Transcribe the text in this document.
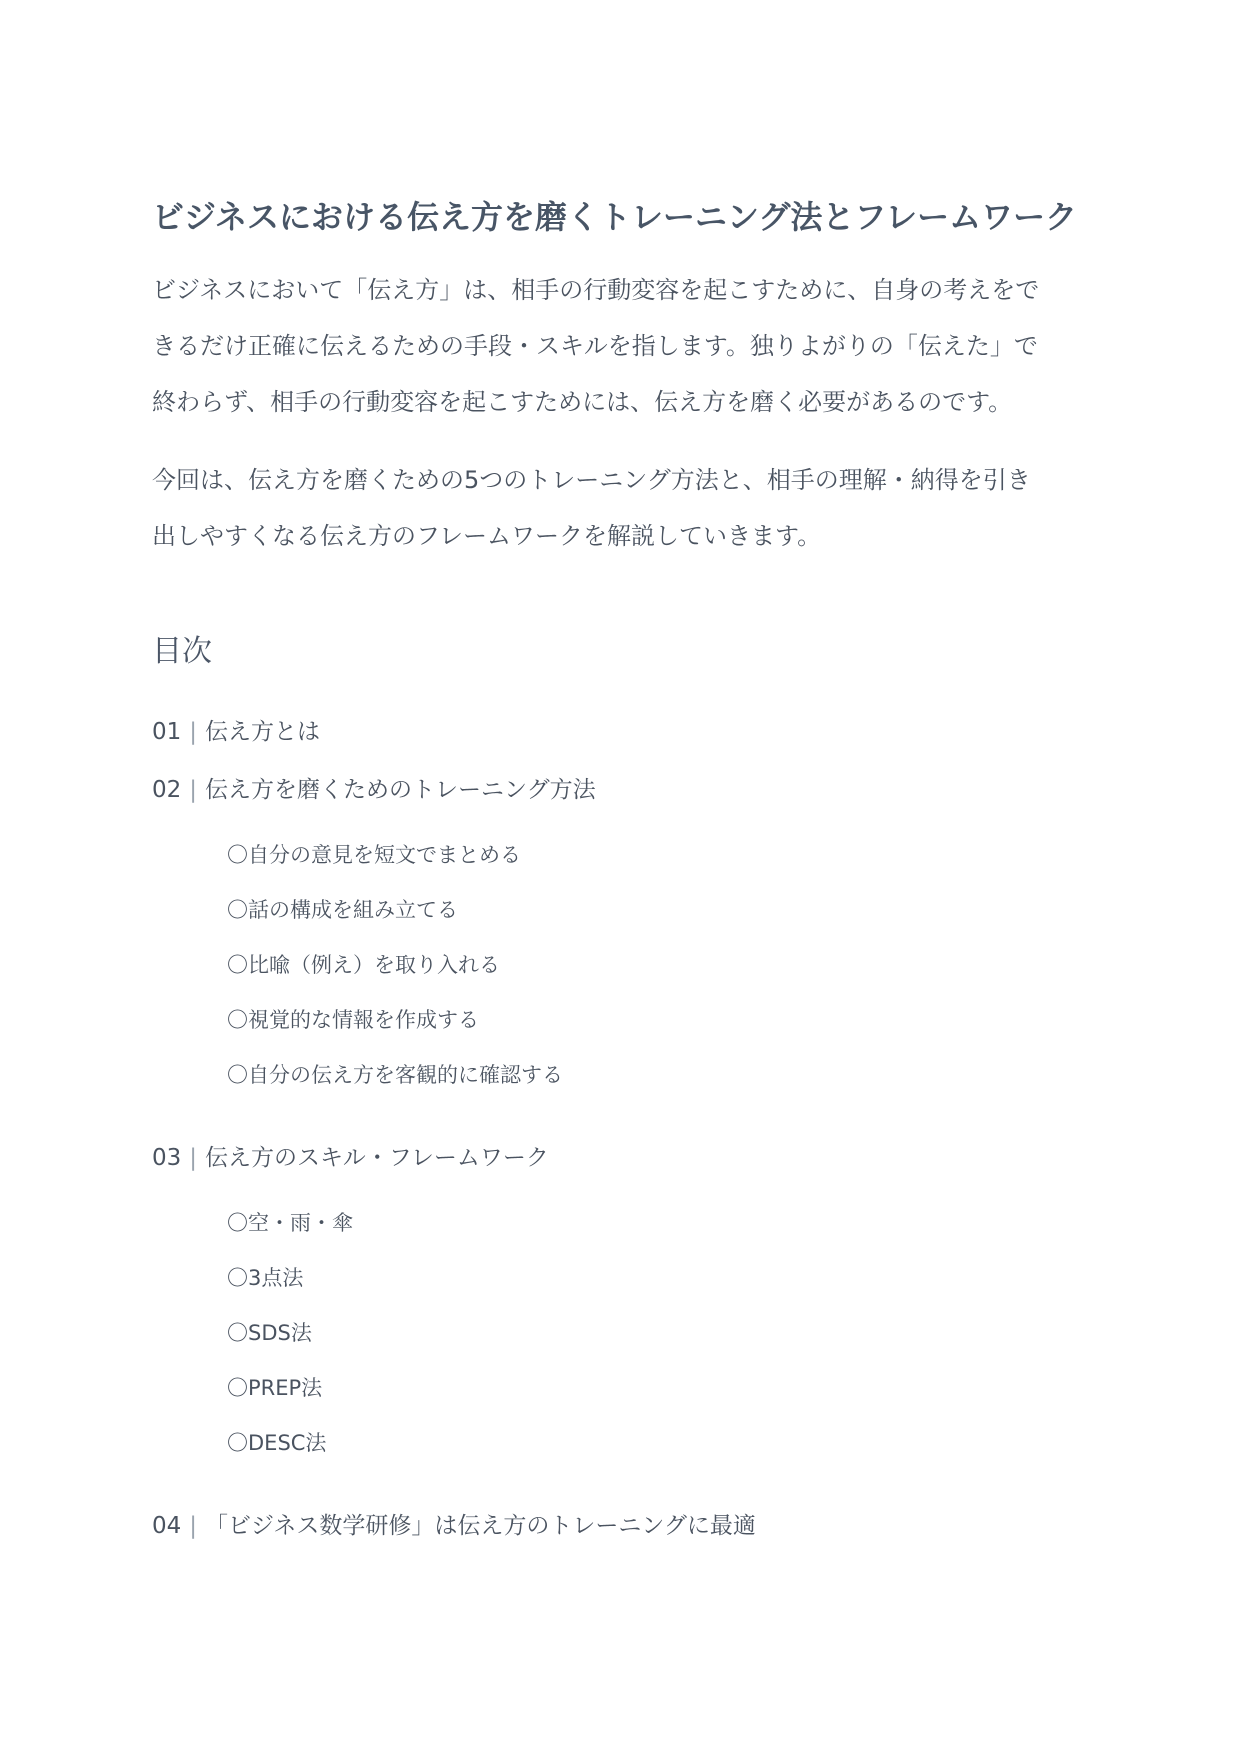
ビジネスにおける伝え方を磨くトレーニング法とフレームワーク

ビジネスにおいて「伝え方」は、相手の行動変容を起こすために、自身の考えをで
きるだけ正確に伝えるための手段・スキルを指します。独りよがりの「伝えた」で
終わらず、相手の行動変容を起こすためには、伝え方を磨く必要があるのです。

今回は、伝え方を磨くための5つのトレーニング方法と、相手の理解・納得を引き
出しやすくなる伝え方のフレームワークを解説していきます。

目次
01 | 伝え方とは
02 | 伝え方を磨くためのトレーニング方法
〇自分の意見を短文でまとめる
〇話の構成を組み立てる
〇比喩（例え）を取り入れる
〇視覚的な情報を作成する
〇自分の伝え方を客観的に確認する
03 | 伝え方のスキル・フレームワーク
〇空・雨・傘
〇3点法
〇SDS法
〇PREP法
〇DESC法
04 | 「ビジネス数学研修」は伝え方のトレーニングに最適
